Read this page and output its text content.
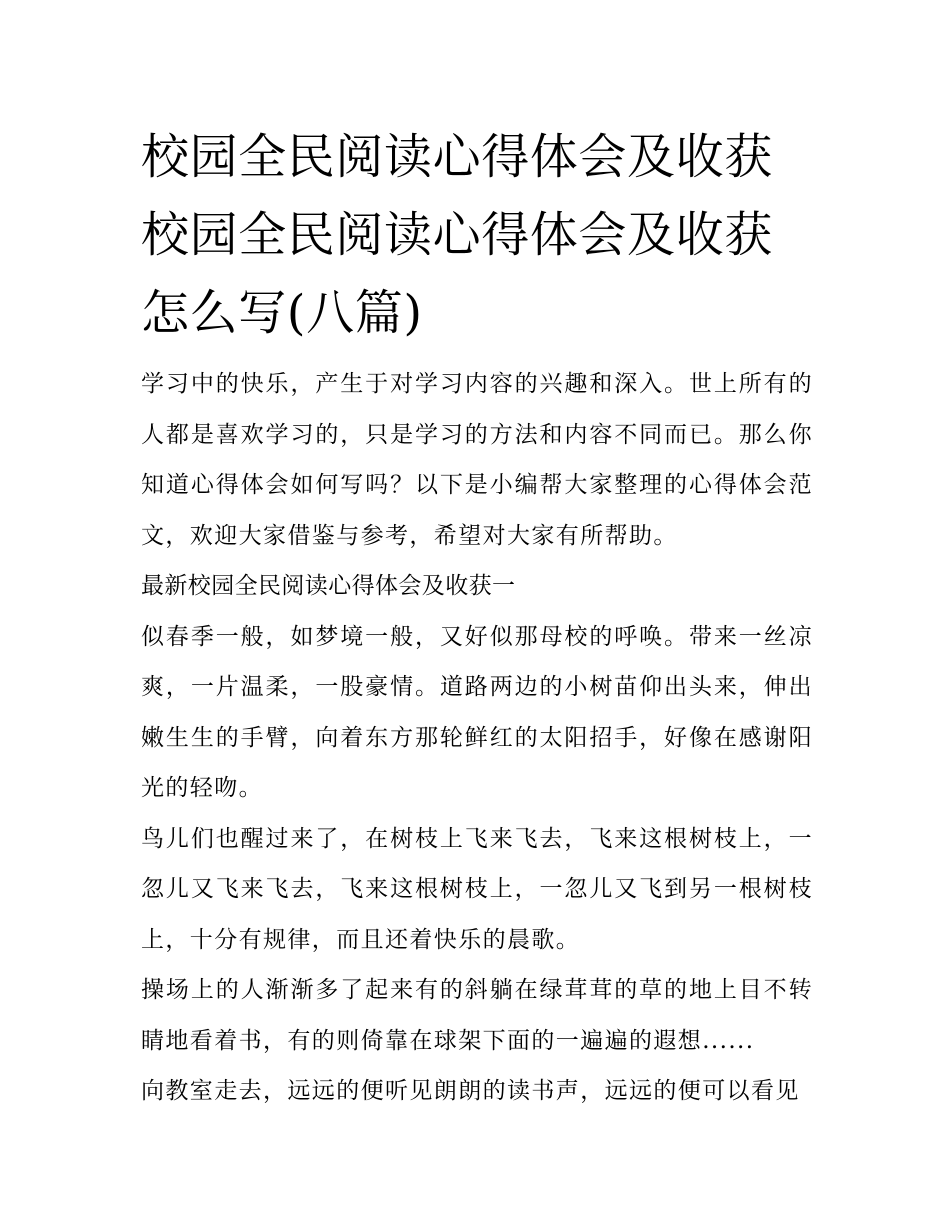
校园全民阅读心得体会及收获
校园全民阅读心得体会及收获
怎么写(八篇)

学习中的快乐，产生于对学习内容的兴趣和深入。世上所有的人都是喜欢学习的，只是学习的方法和内容不同而已。那么你知道心得体会如何写吗？以下是小编帮大家整理的心得体会范文，欢迎大家借鉴与参考，希望对大家有所帮助。

最新校园全民阅读心得体会及收获一

似春季一般，如梦境一般，又好似那母校的呼唤。带来一丝凉爽，一片温柔，一股豪情。道路两边的小树苗仰出头来，伸出嫩生生的手臂，向着东方那轮鲜红的太阳招手，好像在感谢阳光的轻吻。

鸟儿们也醒过来了，在树枝上飞来飞去，飞来这根树枝上，一忽儿又飞来飞去，飞来这根树枝上，一忽儿又飞到另一根树枝上，十分有规律，而且还着快乐的晨歌。

操场上的人渐渐多了起来有的斜躺在绿茸茸的草的地上目不转睛地看着书，有的则倚靠在球架下面的一遍遍的遐想......

向教室走去，远远的便听见朗朗的读书声，远远的便可以看见
